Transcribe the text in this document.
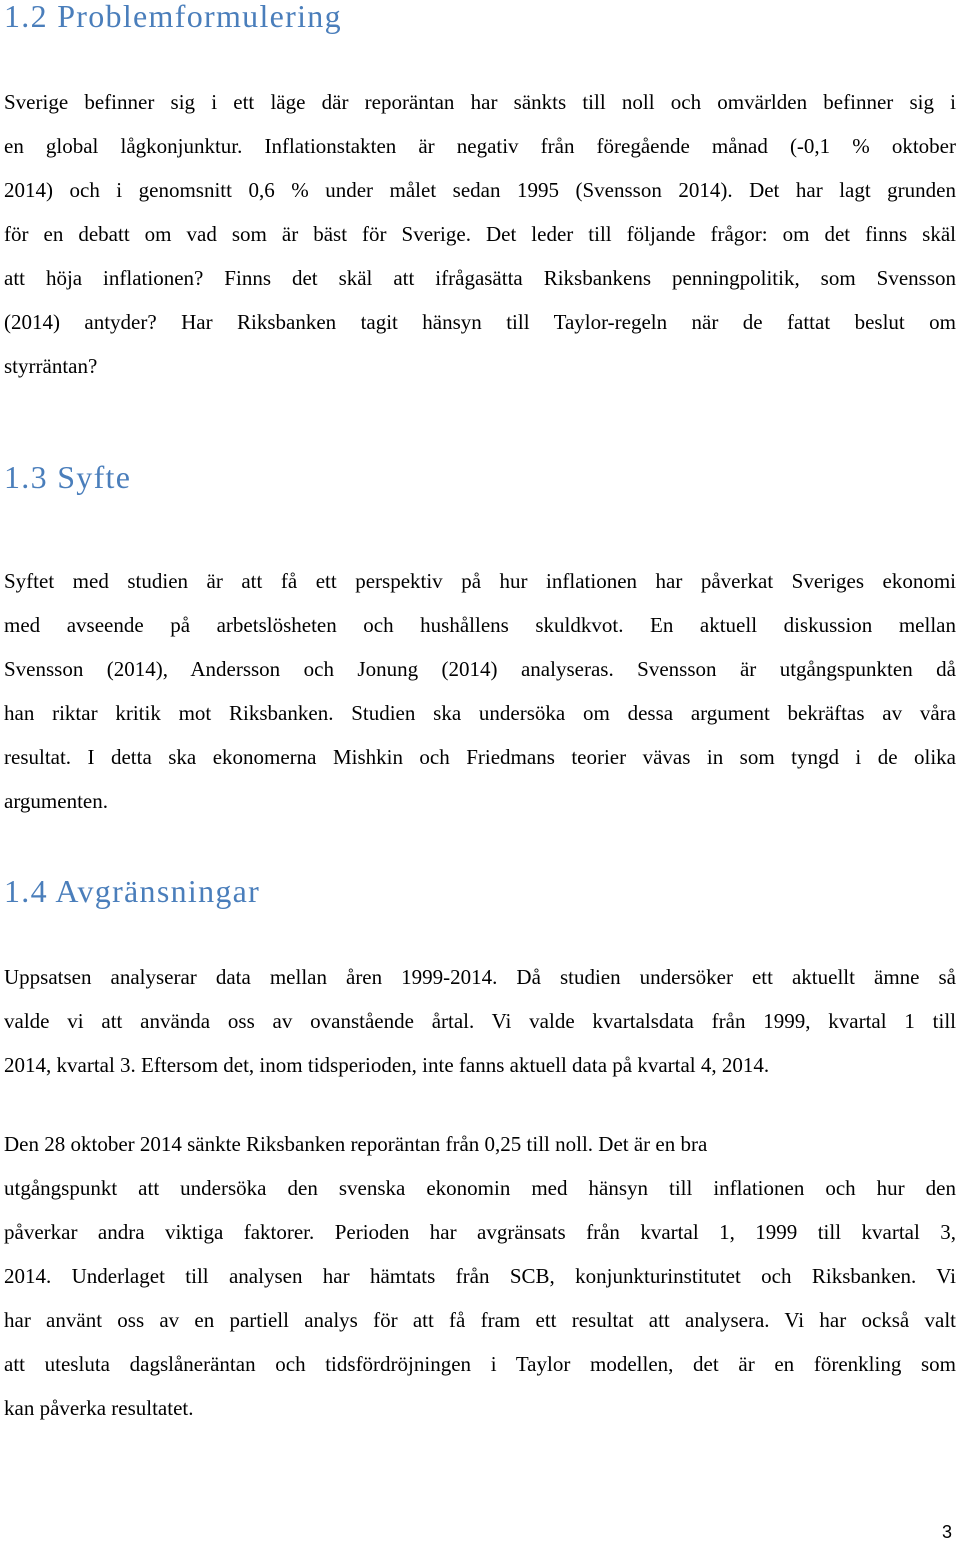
1.2 Problemformulering

Sverige befinner sig i ett läge där reporäntan har sänkts till noll och omvärlden befinner sig i
en global lågkonjunktur. Inflationstakten är negativ från föregående månad (-0,1 % oktober
2014) och i genomsnitt 0,6 % under målet sedan 1995 (Svensson 2014). Det har lagt grunden
för en debatt om vad som är bäst för Sverige. Det leder till följande frågor: om det finns skäl
att höja inflationen? Finns det skäl att ifrågasätta Riksbankens penningpolitik, som Svensson
(2014) antyder? Har Riksbanken tagit hänsyn till Taylor-regeln när de fattat beslut om
styrräntan?

1.3 Syfte

Syftet med studien är att få ett perspektiv på hur inflationen har påverkat Sveriges ekonomi
med avseende på arbetslösheten och hushållens skuldkvot. En aktuell diskussion mellan
Svensson (2014), Andersson och Jonung (2014) analyseras. Svensson är utgångspunkten då
han riktar kritik mot Riksbanken. Studien ska undersöka om dessa argument bekräftas av våra
resultat. I detta ska ekonomerna Mishkin och Friedmans teorier vävas in som tyngd i de olika
argumenten.

1.4 Avgränsningar

Uppsatsen analyserar data mellan åren 1999-2014. Då studien undersöker ett aktuellt ämne så
valde vi att använda oss av ovanstående årtal. Vi valde kvartalsdata från 1999, kvartal 1 till
2014, kvartal 3. Eftersom det, inom tidsperioden, inte fanns aktuell data på kvartal 4, 2014.

Den 28 oktober 2014 sänkte Riksbanken reporäntan från 0,25 till noll. Det är en bra
utgångspunkt att undersöka den svenska ekonomin med hänsyn till inflationen och hur den
påverkar andra viktiga faktorer. Perioden har avgränsats från kvartal 1, 1999 till kvartal 3,
2014. Underlaget till analysen har hämtats från SCB, konjunkturinstitutet och Riksbanken. Vi
har använt oss av en partiell analys för att få fram ett resultat att analysera. Vi har också valt
att utesluta dagslåneräntan och tidsfördröjningen i Taylor modellen, det är en förenkling som
kan påverka resultatet.

3
